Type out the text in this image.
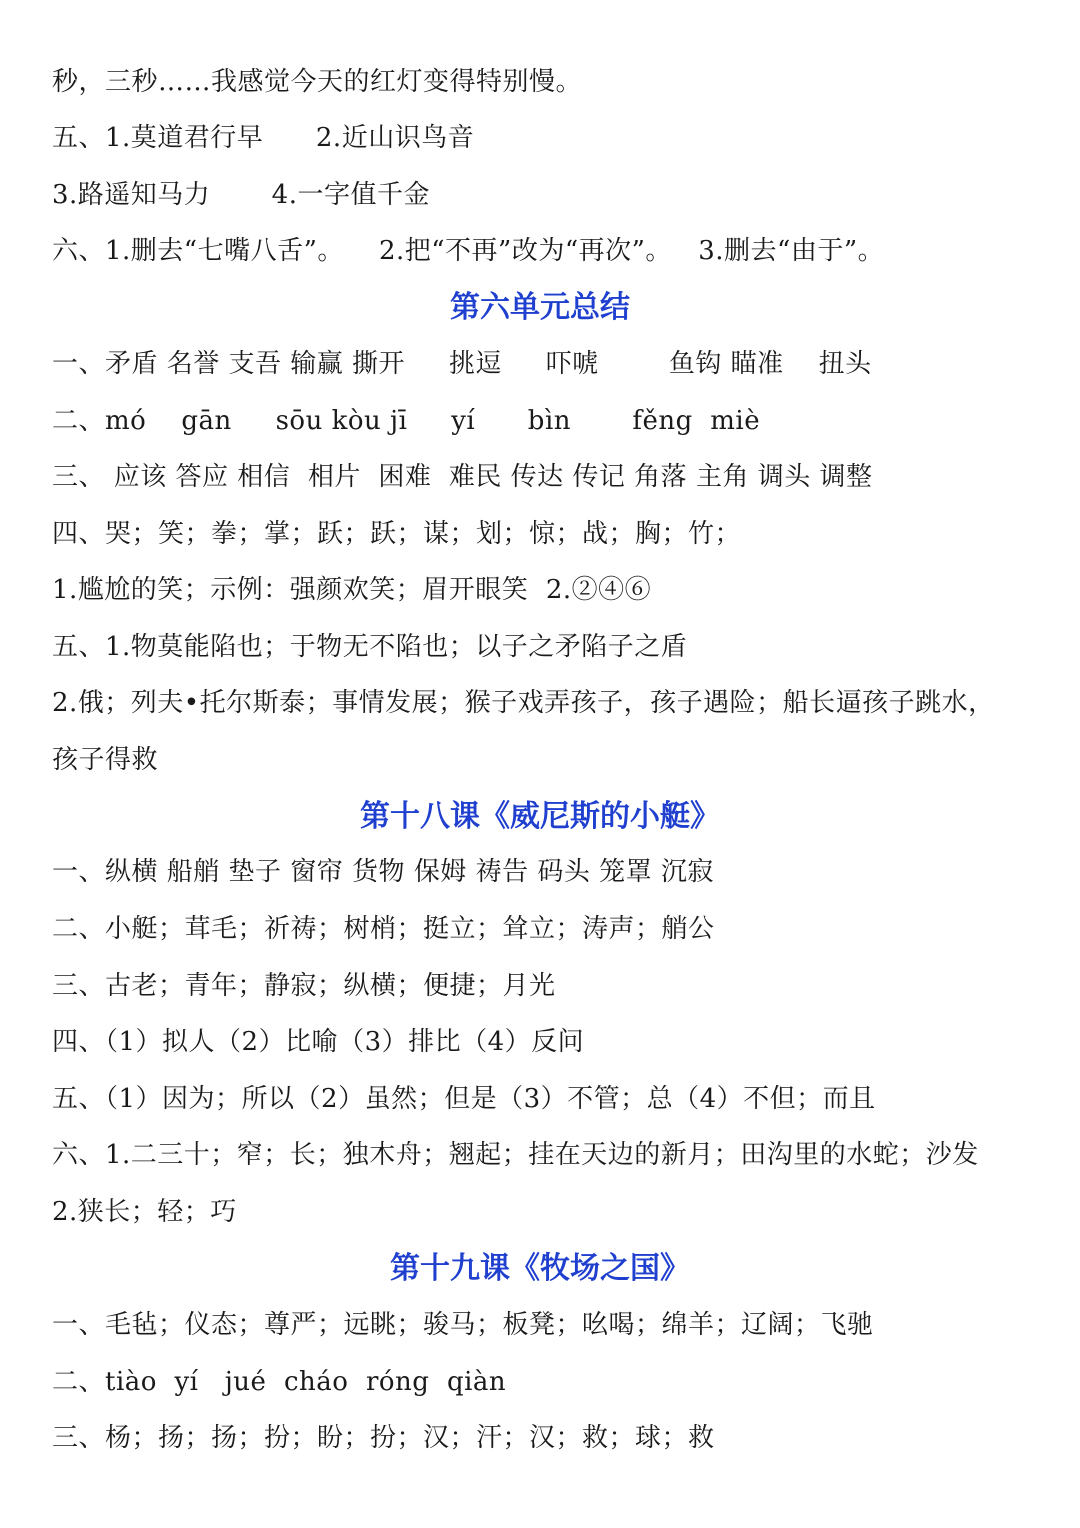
秒，三秒……我感觉今天的红灯变得特别慢。
五、1.莫道君行早      2.近山识鸟音
3.路遥知马力       4.一字值千金
六、1.删去“七嘴八舌”。    2.把“不再”改为“再次”。   3.删去“由于”。
第六单元总结
一、矛盾 名誉 支吾 输赢 撕开     挑逗     吓唬        鱼钩 瞄准    扭头
二、mó    gān     sōu kòu jī     yí      bìn       fěng  miè
三、 应该 答应 相信  相片  困难  难民 传达 传记 角落 主角 调头 调整
四、哭；笑；拳；掌；跃；跃；谋；划；惊；战；胸；竹；
1.尴尬的笑；示例：强颜欢笑；眉开眼笑  2.②④⑥
五、1.物莫能陷也；于物无不陷也；以子之矛陷子之盾
2.俄；列夫•托尔斯泰；事情发展；猴子戏弄孩子，孩子遇险；船长逼孩子跳水，
孩子得救
第十八课《威尼斯的小艇》
一、纵横 船艄 垫子 窗帘 货物 保姆 祷告 码头 笼罩 沉寂
二、小艇；茸毛；祈祷；树梢；挺立；耸立；涛声；艄公
三、古老；青年；静寂；纵横；便捷；月光
四、（1）拟人（2）比喻（3）排比（4）反问
五、（1）因为；所以（2）虽然；但是（3）不管；总（4）不但；而且
六、1.二三十；窄；长；独木舟；翘起；挂在天边的新月；田沟里的水蛇；沙发
2.狭长；轻；巧
第十九课《牧场之国》
一、毛毡；仪态；尊严；远眺；骏马；板凳；吆喝；绵羊；辽阔；飞驰
二、tiào  yí   jué  cháo  róng  qiàn
三、杨；扬；扬；扮；盼；扮；汉；汗；汉；救；球；救
